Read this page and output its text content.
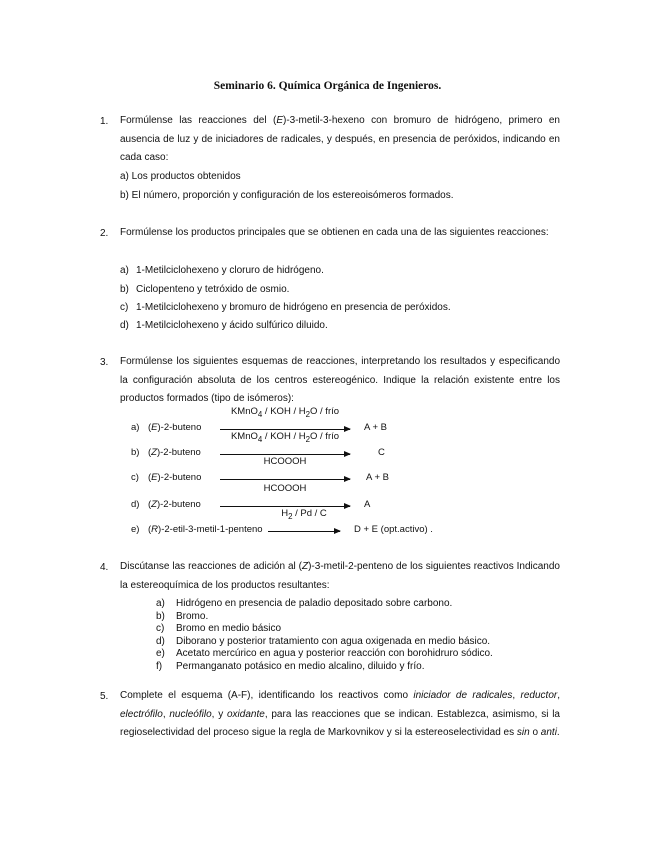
Seminario 6. Química Orgánica de Ingenieros.
1. Formúlense las reacciones del (E)-3-metil-3-hexeno con bromuro de hidrógeno, primero en ausencia de luz y de iniciadores de radicales, y después, en presencia de peróxidos, indicando en cada caso:
a) Los productos obtenidos
b) El número, proporción y configuración de los estereoisómeros formados.
2. Formúlense los productos principales que se obtienen en cada una de las siguientes reacciones:
a) 1-Metilciclohexeno y cloruro de hidrógeno.
b) Ciclopenteno y tetróxido de osmio.
c) 1-Metilciclohexeno y bromuro de hidrógeno en presencia de peróxidos.
d) 1-Metilciclohexeno y ácido sulfúrico diluido.
3. Formúlense los siguientes esquemas de reacciones, interpretando los resultados y especificando la configuración absoluta de los centros estereogénico. Indique la relación existente entre los productos formados (tipo de isómeros):
a) (E)-2-buteno
KMnO$_4$ / KOH / $H_2O$ / frío
A + B
b) (Z)-2-buteno
KMnO$_4$ / KOH / $H_2O$ / frío
C
c) (E)-2-buteno
HCOOOH
A + B
d) (Z)-2-buteno
HCOOOH
A
e) (R)-2-etil-3-metil-1-penteno
$H_2$ / Pd / C
D + E (opt.activo) .
4. Discútanse las reacciones de adición al (Z)-3-metil-2-penteno de los siguientes reactivos Indicando la estereoquímica de los productos resultantes:
a) Hidrógeno en presencia de paladio depositado sobre carbono.
b) Bromo.
c) Bromo en medio básico
d) Diborano y posterior tratamiento con agua oxigenada en medio básico.
e) Acetato mercúrico en agua y posterior reacción con borohidruro sódico.
f) Permanganato potásico en medio alcalino, diluido y frío.
5. Complete el esquema (A-F), identificando los reactivos como iniciador de radicales, reductor, electrófilo, nucleófilo, y oxidante, para las reacciones que se indican. Establezca, asimismo, si la regioselectividad del proceso sigue la regla de Markovnikov y si la estereoselectividad es sin o anti.
